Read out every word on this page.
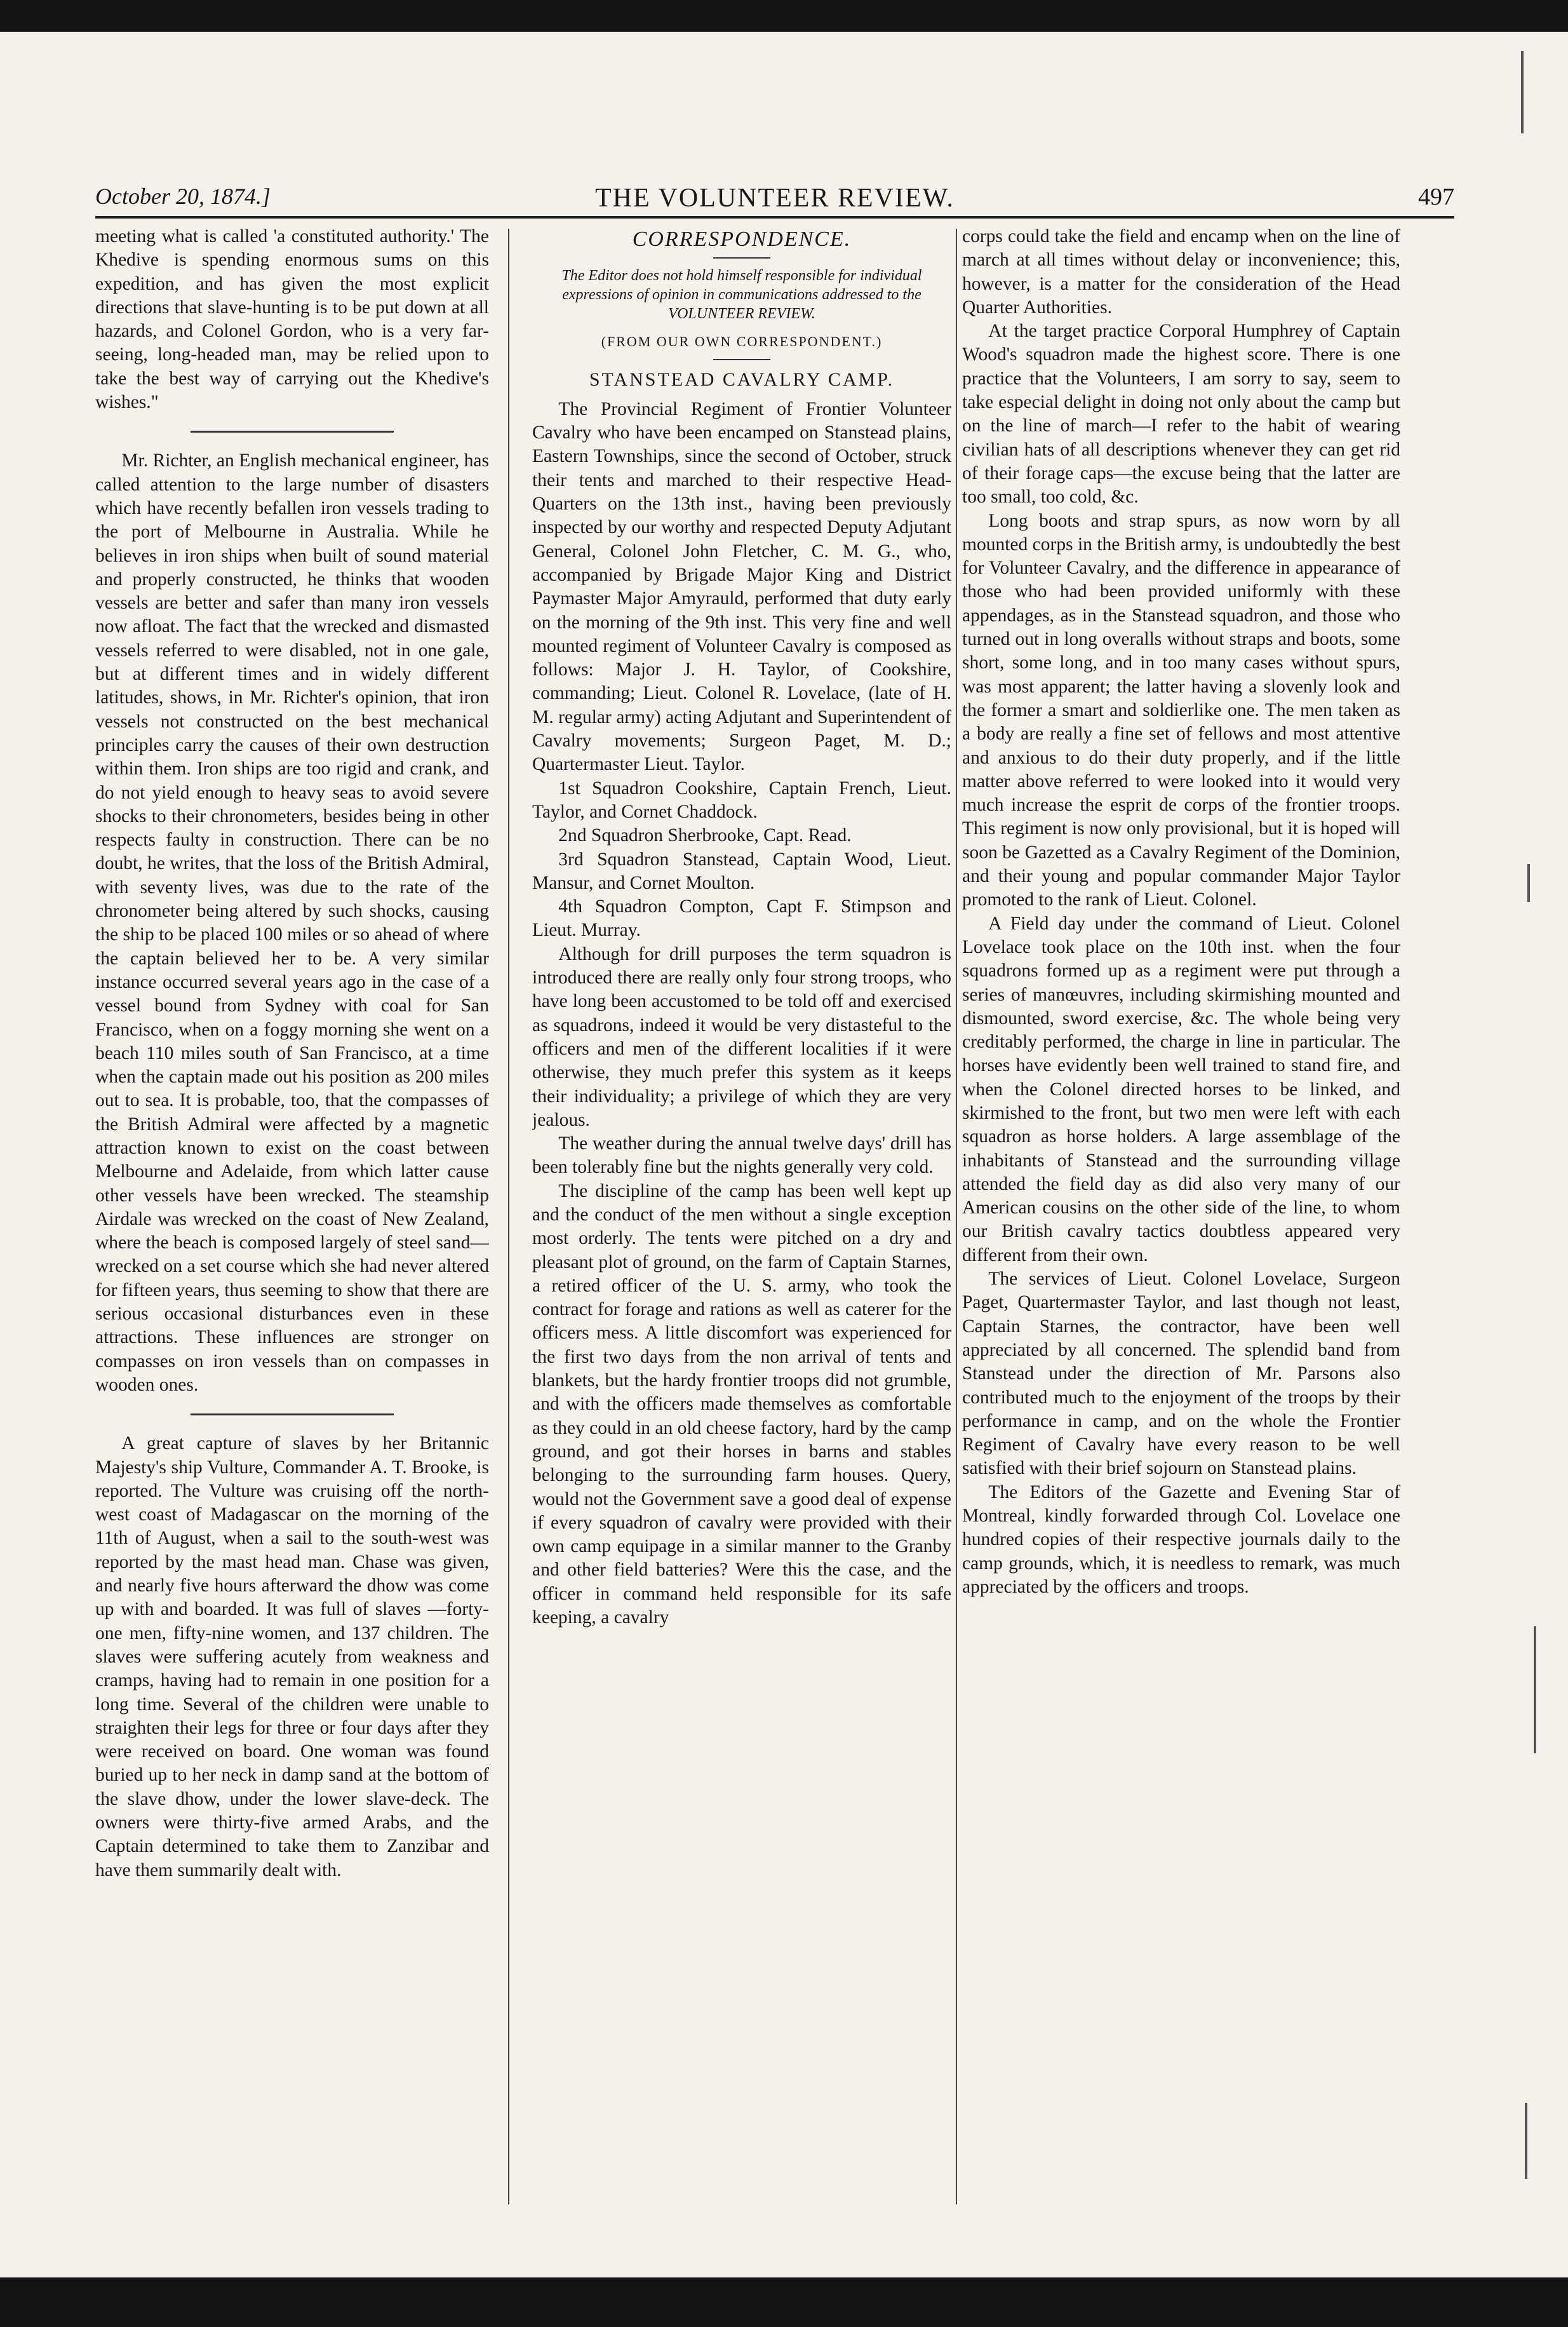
THE VOLUNTEER REVIEW.
October 20, 1874.]	497

meeting what is called 'a constituted authority.' The Khedive is spending enormous sums on this expedition, and has given the most explicit directions that slave-hunting is to be put down at all hazards, and Colonel Gordon, who is a very far-seeing, long-headed man, may be relied upon to take the best way of carrying out the Khedive's wishes."

Mr. Richter, an English mechanical engineer, has called attention to the large number of disasters which have recently befallen iron vessels trading to the port of Melbourne in Australia. While he believes in iron ships when built of sound material and properly constructed, he thinks that wooden vessels are better and safer than many iron vessels now afloat. The fact that the wrecked and dismasted vessels referred to were disabled, not in one gale, but at different times and in widely different latitudes, shows, in Mr. Richter's opinion, that iron vessels not constructed on the best mechanical principles carry the causes of their own destruction within them. Iron ships are too rigid and crank, and do not yield enough to heavy seas to avoid severe shocks to their chronometers, besides being in other respects faulty in construction. There can be no doubt, he writes, that the loss of the British Admiral, with seventy lives, was due to the rate of the chronometer being altered by such shocks, causing the ship to be placed 100 miles or so ahead of where the captain believed her to be. A very similar instance occurred several years ago in the case of a vessel bound from Sydney with coal for San Francisco, when on a foggy morning she went on a beach 110 miles south of San Francisco, at a time when the captain made out his position as 200 miles out to sea. It is probable, too, that the compasses of the British Admiral were affected by a magnetic attraction known to exist on the coast between Melbourne and Adelaide, from which latter cause other vessels have been wrecked. The steamship Airdale was wrecked on the coast of New Zealand, where the beach is composed largely of steel sand—wrecked on a set course which she had never altered for fifteen years, thus seeming to show that there are serious occasional disturbances even in these attractions. These influences are stronger on compasses on iron vessels than on compasses in wooden ones.

A great capture of slaves by her Britannic Majesty's ship Vulture, Commander A. T. Brooke, is reported. The Vulture was cruising off the north-west coast of Madagascar on the morning of the 11th of August, when a sail to the south-west was reported by the mast head man. Chase was given, and nearly five hours afterward the dhow was come up with and boarded. It was full of slaves —forty-one men, fifty-nine women, and 137 children. The slaves were suffering acutely from weakness and cramps, having had to remain in one position for a long time. Several of the children were unable to straighten their legs for three or four days after they were received on board. One woman was found buried up to her neck in damp sand at the bottom of the slave dhow, under the lower slave-deck. The owners were thirty-five armed Arabs, and the Captain determined to take them to Zanzibar and have them summarily dealt with.

CORRESPONDENCE.
The Editor does not hold himself responsible for individual expressions of opinion in communications addressed to the VOLUNTEER REVIEW.
(FROM OUR OWN CORRESPONDENT.)
STANSTEAD CAVALRY CAMP.

The Provincial Regiment of Frontier Volunteer Cavalry who have been encamped on Stanstead plains, Eastern Townships, since the second of October, struck their tents and marched to their respective Head-Quarters on the 13th inst., having been previously inspected by our worthy and respected Deputy Adjutant General, Colonel John Fletcher, C. M. G., who, accompanied by Brigade Major King and District Paymaster Major Amyrauld, performed that duty early on the morning of the 9th inst. This very fine and well mounted regiment of Volunteer Cavalry is composed as follows: Major J. H. Taylor, of Cookshire, commanding; Lieut. Colonel R. Lovelace, (late of H. M. regular army) acting Adjutant and Superintendent of Cavalry movements; Surgeon Paget, M. D.; Quartermaster Lieut. Taylor.

1st Squadron Cookshire, Captain French, Lieut. Taylor, and Cornet Chaddock.

2nd Squadron Sherbrooke, Capt. Read.

3rd Squadron Stanstead, Captain Wood, Lieut. Mansur, and Cornet Moulton.

4th Squadron Compton, Capt F. Stimpson and Lieut. Murray.

Although for drill purposes the term squadron is introduced there are really only four strong troops, who have long been accustomed to be told off and exercised as squadrons, indeed it would be very distasteful to the officers and men of the different localities if it were otherwise, they much prefer this system as it keeps their individuality; a privilege of which they are very jealous.

The weather during the annual twelve days' drill has been tolerably fine but the nights generally very cold.

The discipline of the camp has been well kept up and the conduct of the men without a single exception most orderly. The tents were pitched on a dry and pleasant plot of ground, on the farm of Captain Starnes, a retired officer of the U. S. army, who took the contract for forage and rations as well as caterer for the officers mess. A little discomfort was experienced for the first two days from the non arrival of tents and blankets, but the hardy frontier troops did not grumble, and with the officers made themselves as comfortable as they could in an old cheese factory, hard by the camp ground, and got their horses in barns and stables belonging to the surrounding farm houses. Query, would not the Government save a good deal of expense if every squadron of cavalry were provided with their own camp equipage in a similar manner to the Granby and other field batteries? Were this the case, and the officer in command held responsible for its safe keeping, a cavalry

corps could take the field and encamp when on the line of march at all times without delay or inconvenience; this, however, is a matter for the consideration of the Head Quarter Authorities.

At the target practice Corporal Humphrey of Captain Wood's squadron made the highest score. There is one practice that the Volunteers, I am sorry to say, seem to take especial delight in doing not only about the camp but on the line of march—I refer to the habit of wearing civilian hats of all descriptions whenever they can get rid of their forage caps—the excuse being that the latter are too small, too cold, &c.

Long boots and strap spurs, as now worn by all mounted corps in the British army, is undoubtedly the best for Volunteer Cavalry, and the difference in appearance of those who had been provided uniformly with these appendages, as in the Stanstead squadron, and those who turned out in long overalls without straps and boots, some short, some long, and in too many cases without spurs, was most apparent; the latter having a slovenly look and the former a smart and soldierlike one. The men taken as a body are really a fine set of fellows and most attentive and anxious to do their duty properly, and if the little matter above referred to were looked into it would very much increase the esprit de corps of the frontier troops. This regiment is now only provisional, but it is hoped will soon be Gazetted as a Cavalry Regiment of the Dominion, and their young and popular commander Major Taylor promoted to the rank of Lieut. Colonel.

A Field day under the command of Lieut. Colonel Lovelace took place on the 10th inst. when the four squadrons formed up as a regiment were put through a series of manœuvres, including skirmishing mounted and dismounted, sword exercise, &c. The whole being very creditably performed, the charge in line in particular. The horses have evidently been well trained to stand fire, and when the Colonel directed horses to be linked, and skirmished to the front, but two men were left with each squadron as horse holders. A large assemblage of the inhabitants of Stanstead and the surrounding village attended the field day as did also very many of our American cousins on the other side of the line, to whom our British cavalry tactics doubtless appeared very different from their own.

The services of Lieut. Colonel Lovelace, Surgeon Paget, Quartermaster Taylor, and last though not least, Captain Starnes, the contractor, have been well appreciated by all concerned. The splendid band from Stanstead under the direction of Mr. Parsons also contributed much to the enjoyment of the troops by their performance in camp, and on the whole the Frontier Regiment of Cavalry have every reason to be well satisfied with their brief sojourn on Stanstead plains.

The Editors of the Gazette and Evening Star of Montreal, kindly forwarded through Col. Lovelace one hundred copies of their respective journals daily to the camp grounds, which, it is needless to remark, was much appreciated by the officers and troops.
